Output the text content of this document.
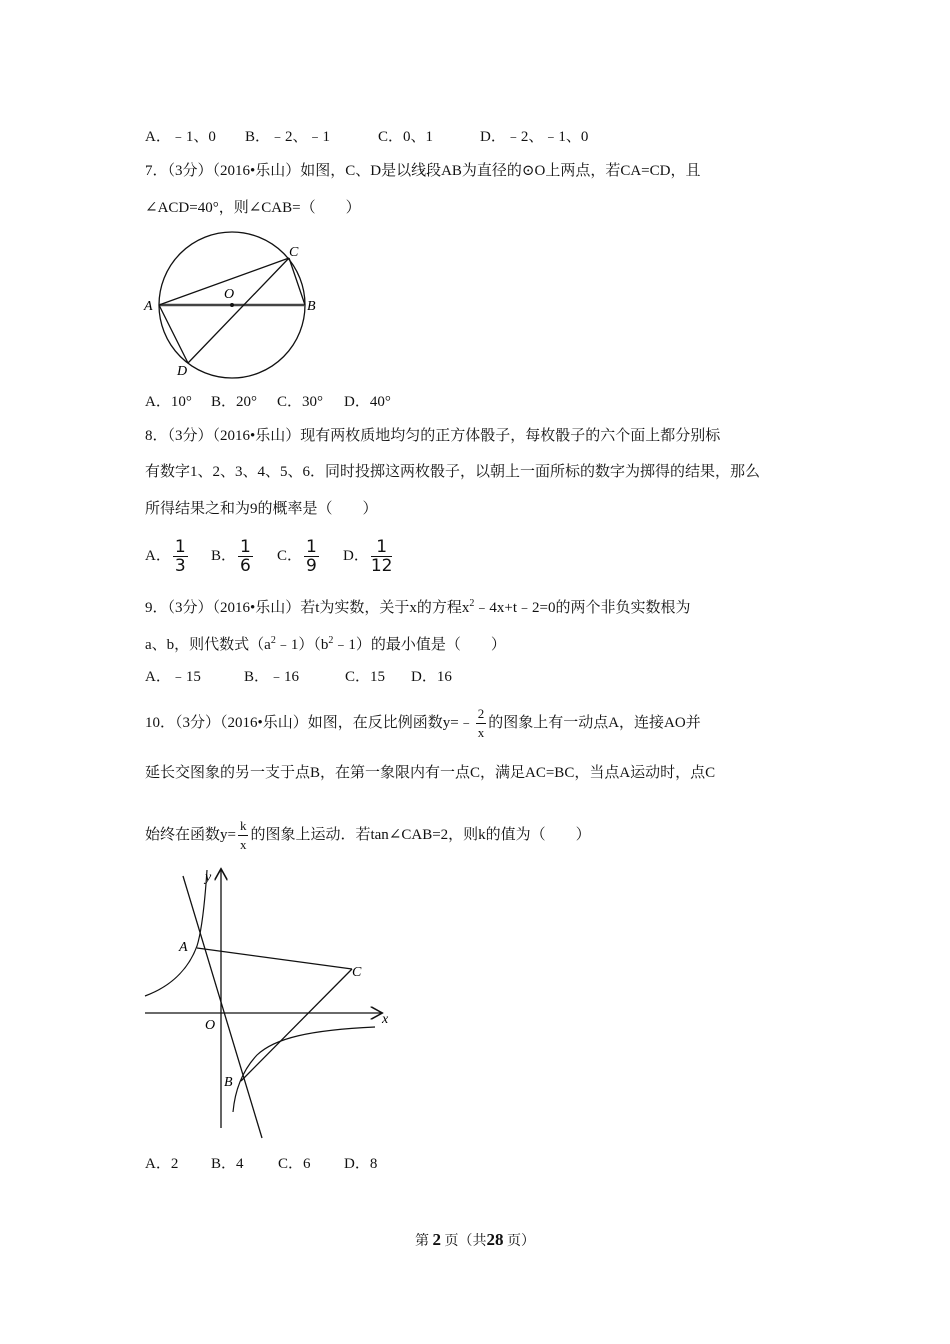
A．﹣1、0 B．﹣2、﹣1	C．0、1	D．﹣2、﹣1、0
7．（3分）（2016•乐山）如图，C、D是以线段AB为直径的⊙O上两点，若CA=CD，且
∠ACD=40°，则∠CAB=（　　）
A	B
C
D
O
A．10° B．20° C．30° D．40°
8．（3分）（2016•乐山）现有两枚质地均匀的正方体骰子，每枚骰子的六个面上都分别标
有数字1、2、3、4、5、6．同时投掷这两枚骰子，以朝上一面所标的数字为掷得的结果，那么
所得结果之和为9的概率是（　　）
A． $\frac{1}{3}$ B． $\frac{1}{6}$ C． $\frac{1}{9}$ D． $\frac{1}{12}$
9．（3分）（2016•乐山）若t为实数，关于x的方程$x^2﹣4x+t﹣2=0$的两个非负实数根为
a、b，则代数式$(a^2﹣1)(b^2﹣1)$的最小值是（　　）
A．﹣15	B．﹣16	C．15 D．16
10．（3分）（2016•乐山）如图，在反比例函数y=﹣ $\frac{2}{x}$ 的图象上有一动点A，连接AO并
延长交图象的另一支于点B，在第一象限内有一点C，满足AC=BC，当点A运动时，点C
始终在函数$y= \frac{k}{x}$ 的图象上运动．若tan∠CAB=2，则k的值为（　　）
y
x
A
B
C
O
A．2 B．4 C．6 D．8
第 2 页（共28 页）
